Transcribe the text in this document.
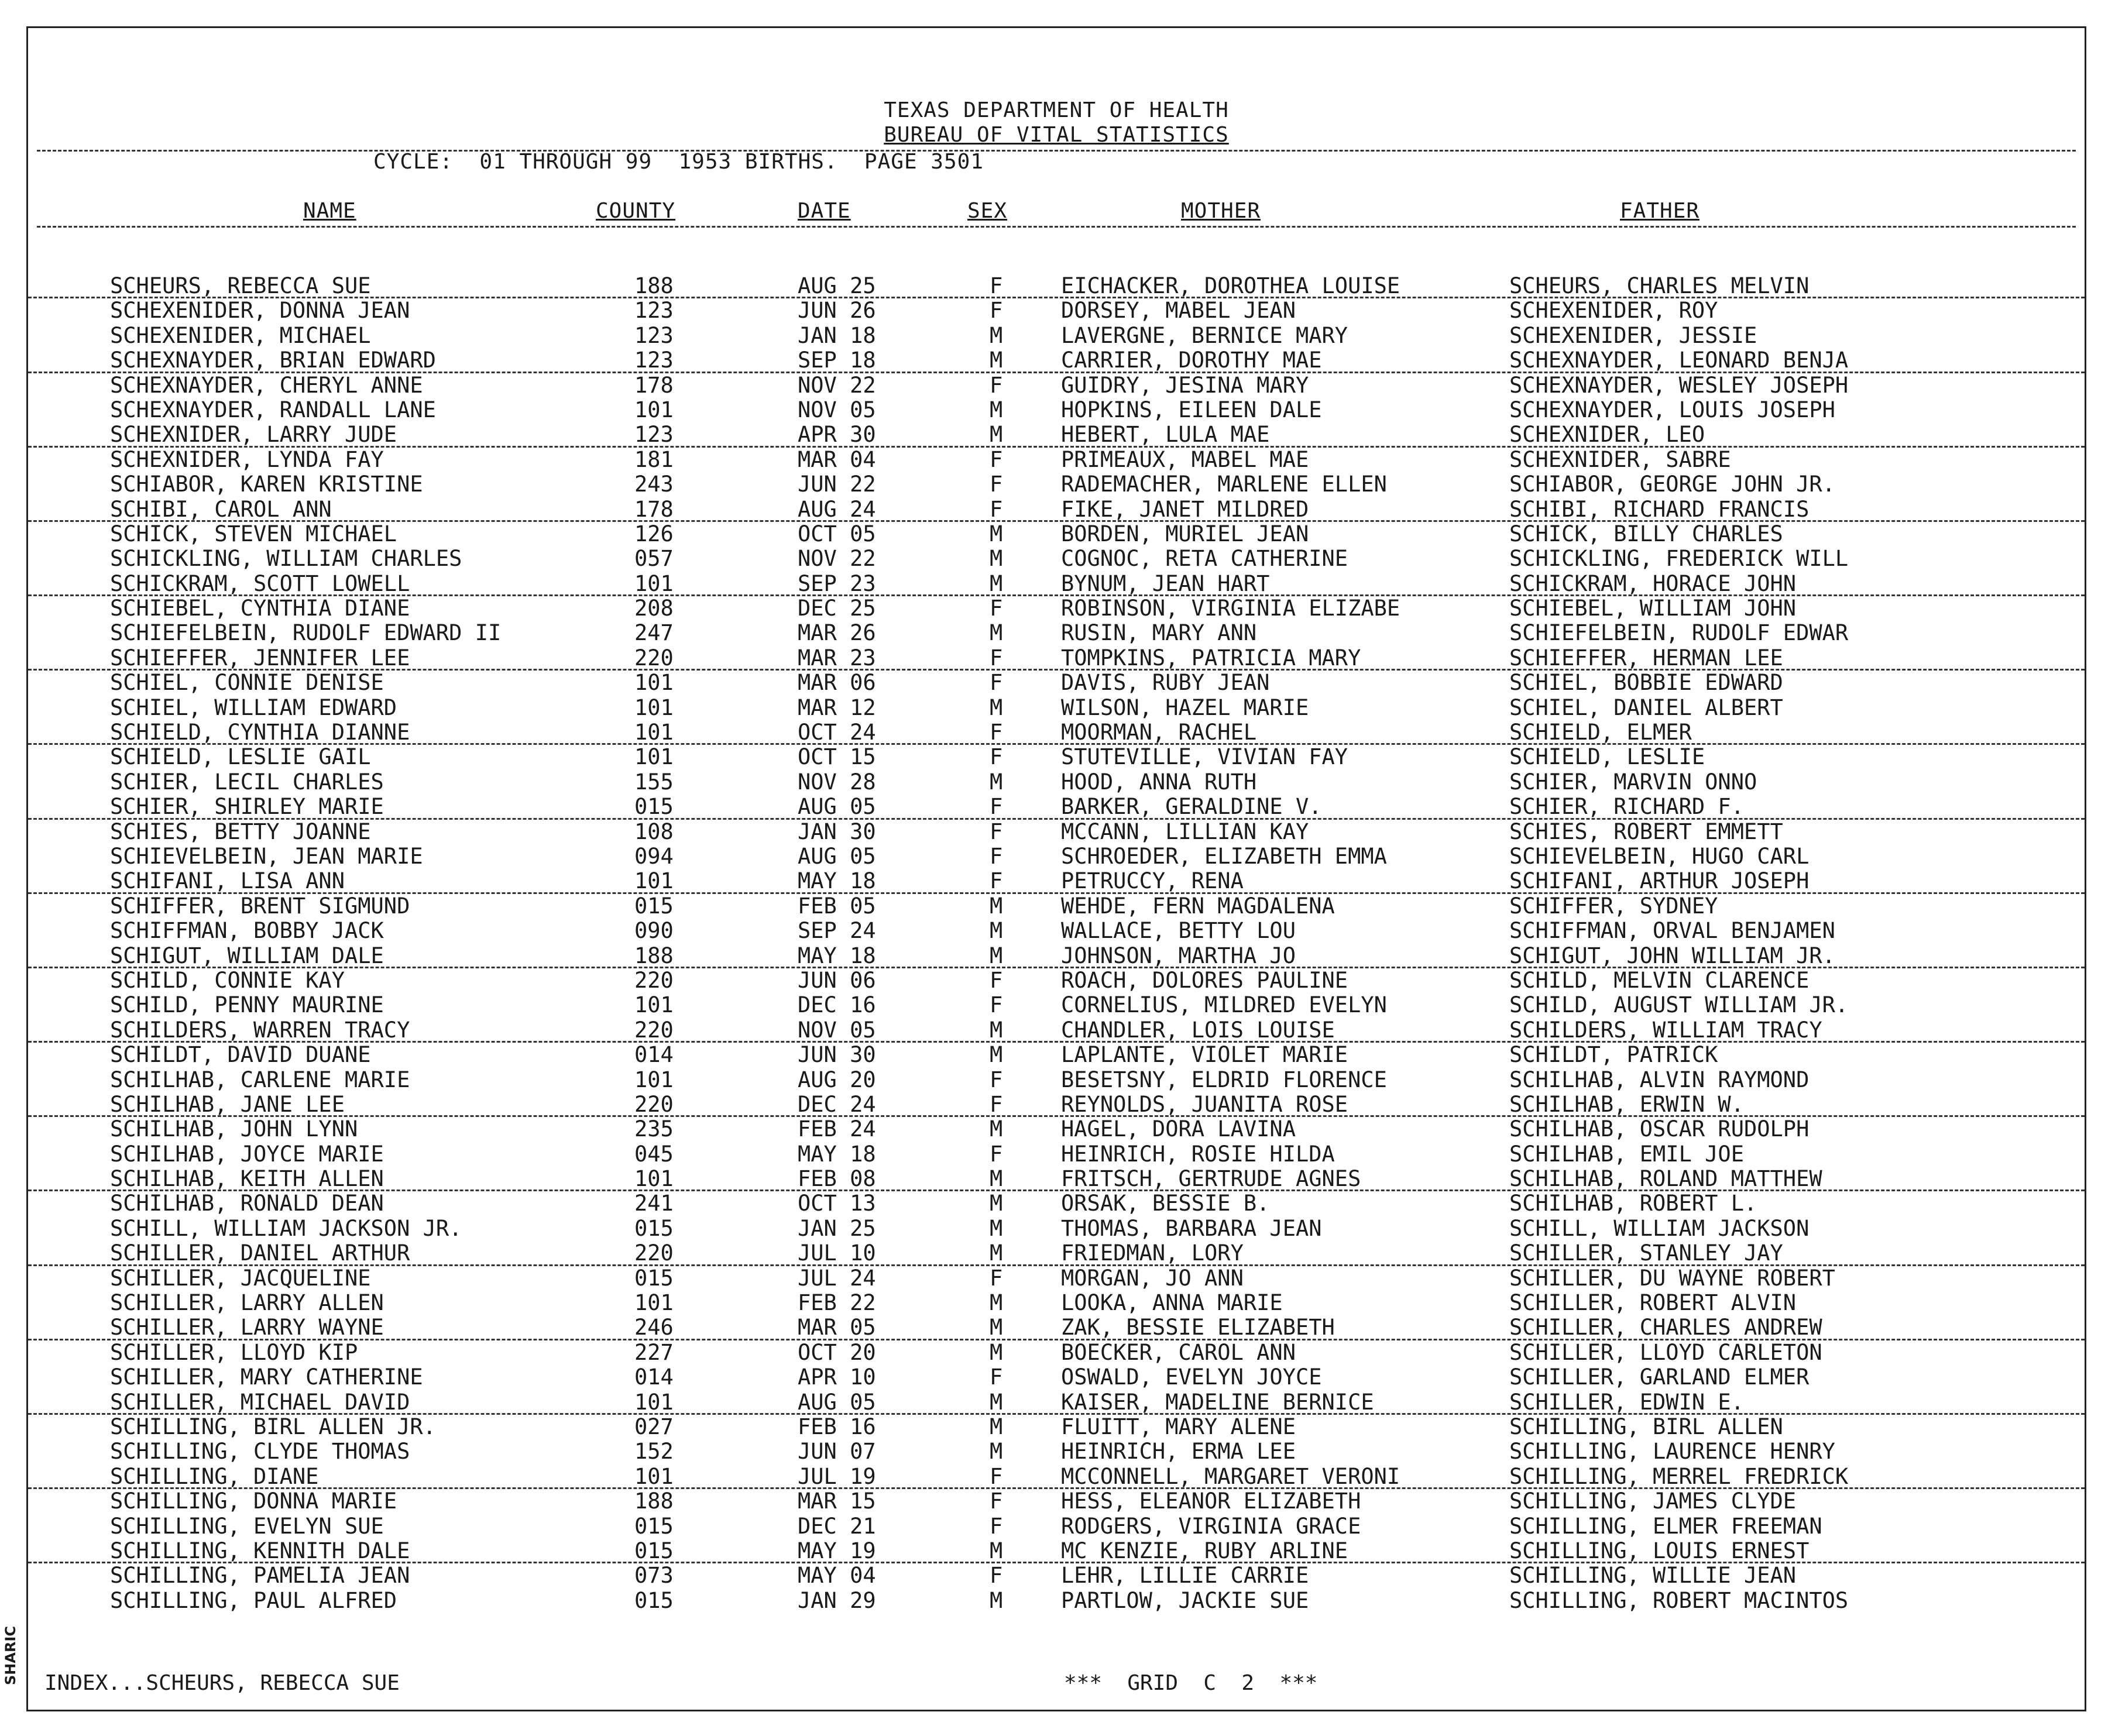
TEXAS DEPARTMENT OF HEALTH
BUREAU OF VITAL STATISTICS
CYCLE:  01 THROUGH 99  1953 BIRTHS.  PAGE 3501
NAME	COUNTY	DATE	SEX	MOTHER	FATHER
SCHEURS, REBECCA SUE	188	AUG 25	F	EICHACKER, DOROTHEA LOUISE	SCHEURS, CHARLES MELVIN
SCHEXENIDER, DONNA JEAN	123	JUN 26	F	DORSEY, MABEL JEAN	SCHEXENIDER, ROY
SCHEXENIDER, MICHAEL	123	JAN 18	M	LAVERGNE, BERNICE MARY	SCHEXENIDER, JESSIE
SCHEXNAYDER, BRIAN EDWARD	123	SEP 18	M	CARRIER, DOROTHY MAE	SCHEXNAYDER, LEONARD BENJA
SCHEXNAYDER, CHERYL ANNE	178	NOV 22	F	GUIDRY, JESINA MARY	SCHEXNAYDER, WESLEY JOSEPH
SCHEXNAYDER, RANDALL LANE	101	NOV 05	M	HOPKINS, EILEEN DALE	SCHEXNAYDER, LOUIS JOSEPH
SCHEXNIDER, LARRY JUDE	123	APR 30	M	HEBERT, LULA MAE	SCHEXNIDER, LEO
SCHEXNIDER, LYNDA FAY	181	MAR 04	F	PRIMEAUX, MABEL MAE	SCHEXNIDER, SABRE
SCHIABOR, KAREN KRISTINE	243	JUN 22	F	RADEMACHER, MARLENE ELLEN	SCHIABOR, GEORGE JOHN JR.
SCHIBI, CAROL ANN	178	AUG 24	F	FIKE, JANET MILDRED	SCHIBI, RICHARD FRANCIS
SCHICK, STEVEN MICHAEL	126	OCT 05	M	BORDEN, MURIEL JEAN	SCHICK, BILLY CHARLES
SCHICKLING, WILLIAM CHARLES	057	NOV 22	M	COGNOC, RETA CATHERINE	SCHICKLING, FREDERICK WILL
SCHICKRAM, SCOTT LOWELL	101	SEP 23	M	BYNUM, JEAN HART	SCHICKRAM, HORACE JOHN
SCHIEBEL, CYNTHIA DIANE	208	DEC 25	F	ROBINSON, VIRGINIA ELIZABE	SCHIEBEL, WILLIAM JOHN
SCHIEFELBEIN, RUDOLF EDWARD II	247	MAR 26	M	RUSIN, MARY ANN	SCHIEFELBEIN, RUDOLF EDWAR
SCHIEFFER, JENNIFER LEE	220	MAR 23	F	TOMPKINS, PATRICIA MARY	SCHIEFFER, HERMAN LEE
SCHIEL, CONNIE DENISE	101	MAR 06	F	DAVIS, RUBY JEAN	SCHIEL, BOBBIE EDWARD
SCHIEL, WILLIAM EDWARD	101	MAR 12	M	WILSON, HAZEL MARIE	SCHIEL, DANIEL ALBERT
SCHIELD, CYNTHIA DIANNE	101	OCT 24	F	MOORMAN, RACHEL	SCHIELD, ELMER
SCHIELD, LESLIE GAIL	101	OCT 15	F	STUTEVILLE, VIVIAN FAY	SCHIELD, LESLIE
SCHIER, LECIL CHARLES	155	NOV 28	M	HOOD, ANNA RUTH	SCHIER, MARVIN ONNO
SCHIER, SHIRLEY MARIE	015	AUG 05	F	BARKER, GERALDINE V.	SCHIER, RICHARD F.
SCHIES, BETTY JOANNE	108	JAN 30	F	MCCANN, LILLIAN KAY	SCHIES, ROBERT EMMETT
SCHIEVELBEIN, JEAN MARIE	094	AUG 05	F	SCHROEDER, ELIZABETH EMMA	SCHIEVELBEIN, HUGO CARL
SCHIFANI, LISA ANN	101	MAY 18	F	PETRUCCY, RENA	SCHIFANI, ARTHUR JOSEPH
SCHIFFER, BRENT SIGMUND	015	FEB 05	M	WEHDE, FERN MAGDALENA	SCHIFFER, SYDNEY
SCHIFFMAN, BOBBY JACK	090	SEP 24	M	WALLACE, BETTY LOU	SCHIFFMAN, ORVAL BENJAMEN
SCHIGUT, WILLIAM DALE	188	MAY 18	M	JOHNSON, MARTHA JO	SCHIGUT, JOHN WILLIAM JR.
SCHILD, CONNIE KAY	220	JUN 06	F	ROACH, DOLORES PAULINE	SCHILD, MELVIN CLARENCE
SCHILD, PENNY MAURINE	101	DEC 16	F	CORNELIUS, MILDRED EVELYN	SCHILD, AUGUST WILLIAM JR.
SCHILDERS, WARREN TRACY	220	NOV 05	M	CHANDLER, LOIS LOUISE	SCHILDERS, WILLIAM TRACY
SCHILDT, DAVID DUANE	014	JUN 30	M	LAPLANTE, VIOLET MARIE	SCHILDT, PATRICK
SCHILHAB, CARLENE MARIE	101	AUG 20	F	BESETSNY, ELDRID FLORENCE	SCHILHAB, ALVIN RAYMOND
SCHILHAB, JANE LEE	220	DEC 24	F	REYNOLDS, JUANITA ROSE	SCHILHAB, ERWIN W.
SCHILHAB, JOHN LYNN	235	FEB 24	M	HAGEL, DORA LAVINA	SCHILHAB, OSCAR RUDOLPH
SCHILHAB, JOYCE MARIE	045	MAY 18	F	HEINRICH, ROSIE HILDA	SCHILHAB, EMIL JOE
SCHILHAB, KEITH ALLEN	101	FEB 08	M	FRITSCH, GERTRUDE AGNES	SCHILHAB, ROLAND MATTHEW
SCHILHAB, RONALD DEAN	241	OCT 13	M	ORSAK, BESSIE B.	SCHILHAB, ROBERT L.
SCHILL, WILLIAM JACKSON JR.	015	JAN 25	M	THOMAS, BARBARA JEAN	SCHILL, WILLIAM JACKSON
SCHILLER, DANIEL ARTHUR	220	JUL 10	M	FRIEDMAN, LORY	SCHILLER, STANLEY JAY
SCHILLER, JACQUELINE	015	JUL 24	F	MORGAN, JO ANN	SCHILLER, DU WAYNE ROBERT
SCHILLER, LARRY ALLEN	101	FEB 22	M	LOOKA, ANNA MARIE	SCHILLER, ROBERT ALVIN
SCHILLER, LARRY WAYNE	246	MAR 05	M	ZAK, BESSIE ELIZABETH	SCHILLER, CHARLES ANDREW
SCHILLER, LLOYD KIP	227	OCT 20	M	BOECKER, CAROL ANN	SCHILLER, LLOYD CARLETON
SCHILLER, MARY CATHERINE	014	APR 10	F	OSWALD, EVELYN JOYCE	SCHILLER, GARLAND ELMER
SCHILLER, MICHAEL DAVID	101	AUG 05	M	KAISER, MADELINE BERNICE	SCHILLER, EDWIN E.
SCHILLING, BIRL ALLEN JR.	027	FEB 16	M	FLUITT, MARY ALENE	SCHILLING, BIRL ALLEN
SCHILLING, CLYDE THOMAS	152	JUN 07	M	HEINRICH, ERMA LEE	SCHILLING, LAURENCE HENRY
SCHILLING, DIANE	101	JUL 19	F	MCCONNELL, MARGARET VERONI	SCHILLING, MERREL FREDRICK
SCHILLING, DONNA MARIE	188	MAR 15	F	HESS, ELEANOR ELIZABETH	SCHILLING, JAMES CLYDE
SCHILLING, EVELYN SUE	015	DEC 21	F	RODGERS, VIRGINIA GRACE	SCHILLING, ELMER FREEMAN
SCHILLING, KENNITH DALE	015	MAY 19	M	MC KENZIE, RUBY ARLINE	SCHILLING, LOUIS ERNEST
SCHILLING, PAMELIA JEAN	073	MAY 04	F	LEHR, LILLIE CARRIE	SCHILLING, WILLIE JEAN
SCHILLING, PAUL ALFRED	015	JAN 29	M	PARTLOW, JACKIE SUE	SCHILLING, ROBERT MACINTOS
INDEX...SCHEURS, REBECCA SUE	***  GRID  C  2  ***
SHARIC
